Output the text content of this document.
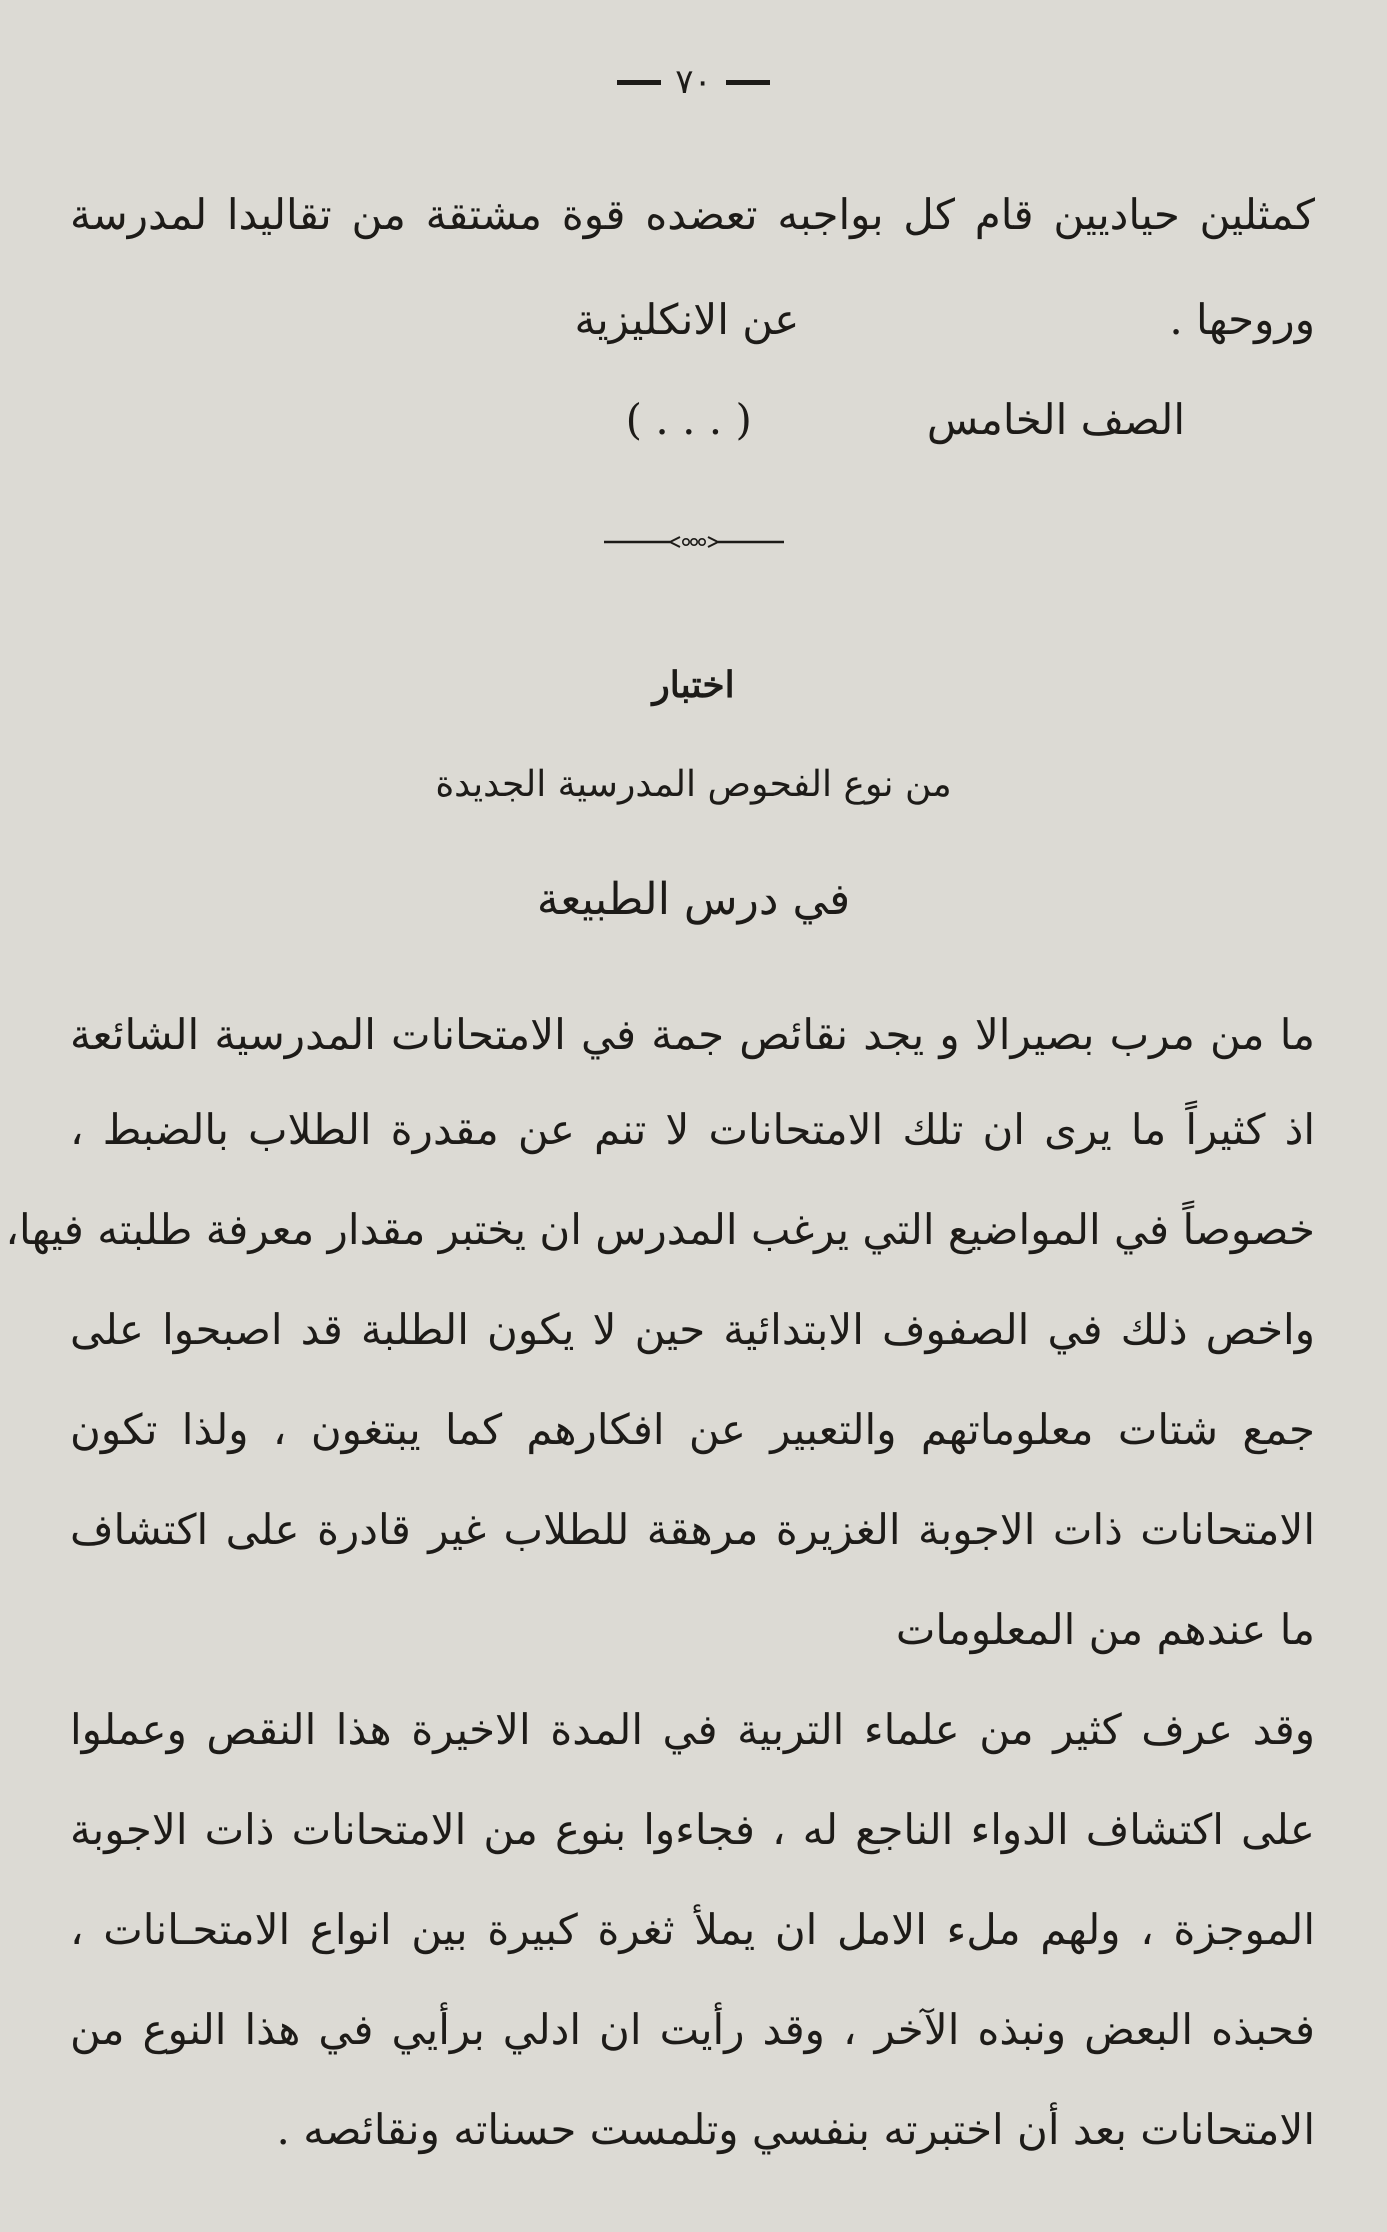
٧٠
كمثلين حياديين قام كل بواجبه تعضده قوة مشتقة من تقاليدا لمدرسة
وروحها .
عن الانكليزية
الصف الخامس
( . . . )
اختبار
من نوع الفحوص المدرسية الجديدة
في درس الطبيعة
ما من مرب بصيرالا و يجد نقائص جمة في الامتحانات المدرسية الشائعة
اذ كثيراً ما يرى ان تلك الامتحانات لا تنم عن مقدرة الطلاب بالضبط ،
خصوصاً في المواضيع التي يرغب المدرس ان يختبر مقدار معرفة طلبته فيها،
واخص ذلك في الصفوف الابتدائية حين لا يكون الطلبة قد اصبحوا على
جمع شتات معلوماتهم والتعبير عن افكارهم كما يبتغون ، ولذا تكون
الامتحانات ذات الاجوبة الغزيرة مرهقة للطلاب غير قادرة على اكتشاف
ما عندهم من المعلومات
وقد عرف كثير من علماء التربية في المدة الاخيرة هذا النقص وعملوا
على اكتشاف الدواء الناجع له ، فجاءوا بنوع من الامتحانات ذات الاجوبة
الموجزة ، ولهم ملء الامل ان يملأ ثغرة كبيرة بين انواع الامتحـانات ،
فحبذه البعض ونبذه الآخر ، وقد رأيت ان ادلي برأيي في هذا النوع من
الامتحانات بعد أن اختبرته بنفسي وتلمست حسناته ونقائصه .
